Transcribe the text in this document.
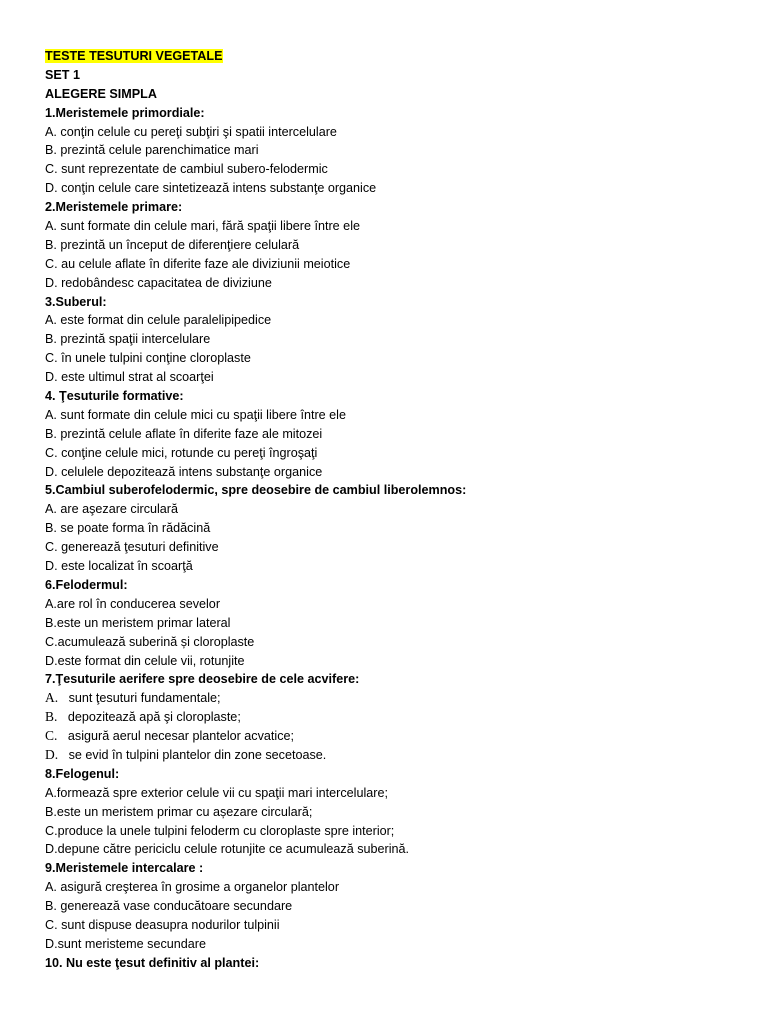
TESTE TESUTURI VEGETALE
SET 1
ALEGERE SIMPLA
1.Meristemele primordiale:
A. conţin celule cu pereţi subţiri şi spatii intercelulare
B. prezintă celule parenchimatice mari
C. sunt reprezentate de cambiul subero-felodermic
D. conţin celule care sintetizează intens substanţe organice
2.Meristemele primare:
A. sunt formate din celule mari, fără spaţii libere între ele
B. prezintă un început de diferenţiere celulară
C. au celule aflate în diferite faze ale diviziunii meiotice
D. redobândesc capacitatea de diviziune
3.Suberul:
A. este format din celule paralelipipedice
B. prezintă spaţii intercelulare
C. în unele tulpini conţine cloroplaste
D. este ultimul strat al scoarţei
4. Ţesuturile formative:
A. sunt formate din celule mici cu spaţii libere între ele
B. prezintă celule aflate în diferite faze ale mitozei
C. conţine celule mici, rotunde cu pereţi îngroşaţi
D. celulele depozitează intens substanţe organice
5.Cambiul suberofelodermic, spre deosebire de cambiul liberolemnos:
A. are aşezare circulară
B. se poate forma în rădăcină
C. generează ţesuturi definitive
D. este localizat în scoarţă
6.Felodermul:
A.are rol în conducerea sevelor
B.este un meristem primar lateral
C.acumulează suberină și cloroplaste
D.este format din celule vii, rotunjite
7.Ţesuturile aerifere spre deosebire de cele acvifere:
A. sunt ţesuturi fundamentale;
B. depozitează apă şi cloroplaste;
C. asigură aerul necesar plantelor acvatice;
D. se evid în tulpini plantelor din zone secetoase.
8.Felogenul:
A.formează spre exterior celule vii cu spaţii mari intercelulare;
B.este un meristem primar cu așezare circulară;
C.produce la unele tulpini feloderm cu cloroplaste spre interior;
D.depune către periciclu celule rotunjite ce acumulează suberină.
9.Meristemele intercalare :
A. asigură creşterea în grosime a organelor plantelor
B. generează vase conducătoare secundare
C. sunt dispuse deasupra nodurilor tulpinii
D.sunt meristeme secundare
10. Nu este ţesut definitiv al plantei:
